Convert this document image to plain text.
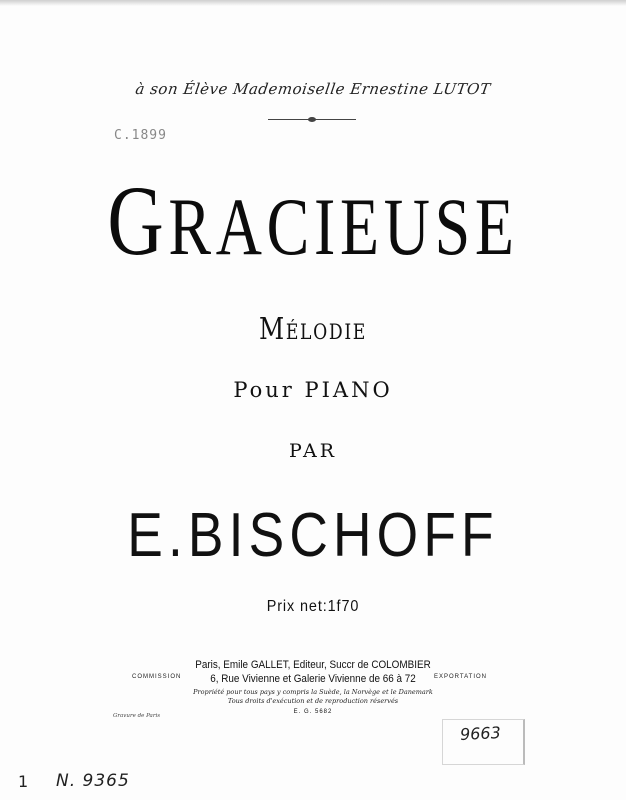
à son Élève Mademoiselle Ernestine LUTOT
C.1899
GRACIEUSE
Mélodie
Pour PIANO
PAR
E.BISCHOFF
Prix net:1f70
COMMISSION	EXPORTATION
Paris, Emile GALLET, Editeur, Succr de COLOMBIER
6, Rue Vivienne et Galerie Vivienne de 66 à 72
Propriété pour tous pays y compris la Suède, la Norvège et le Danemark
Tous droits d'exécution et de reproduction réservés
E. G. 5682
Gravure de Paris
9663
1 N. 9365
